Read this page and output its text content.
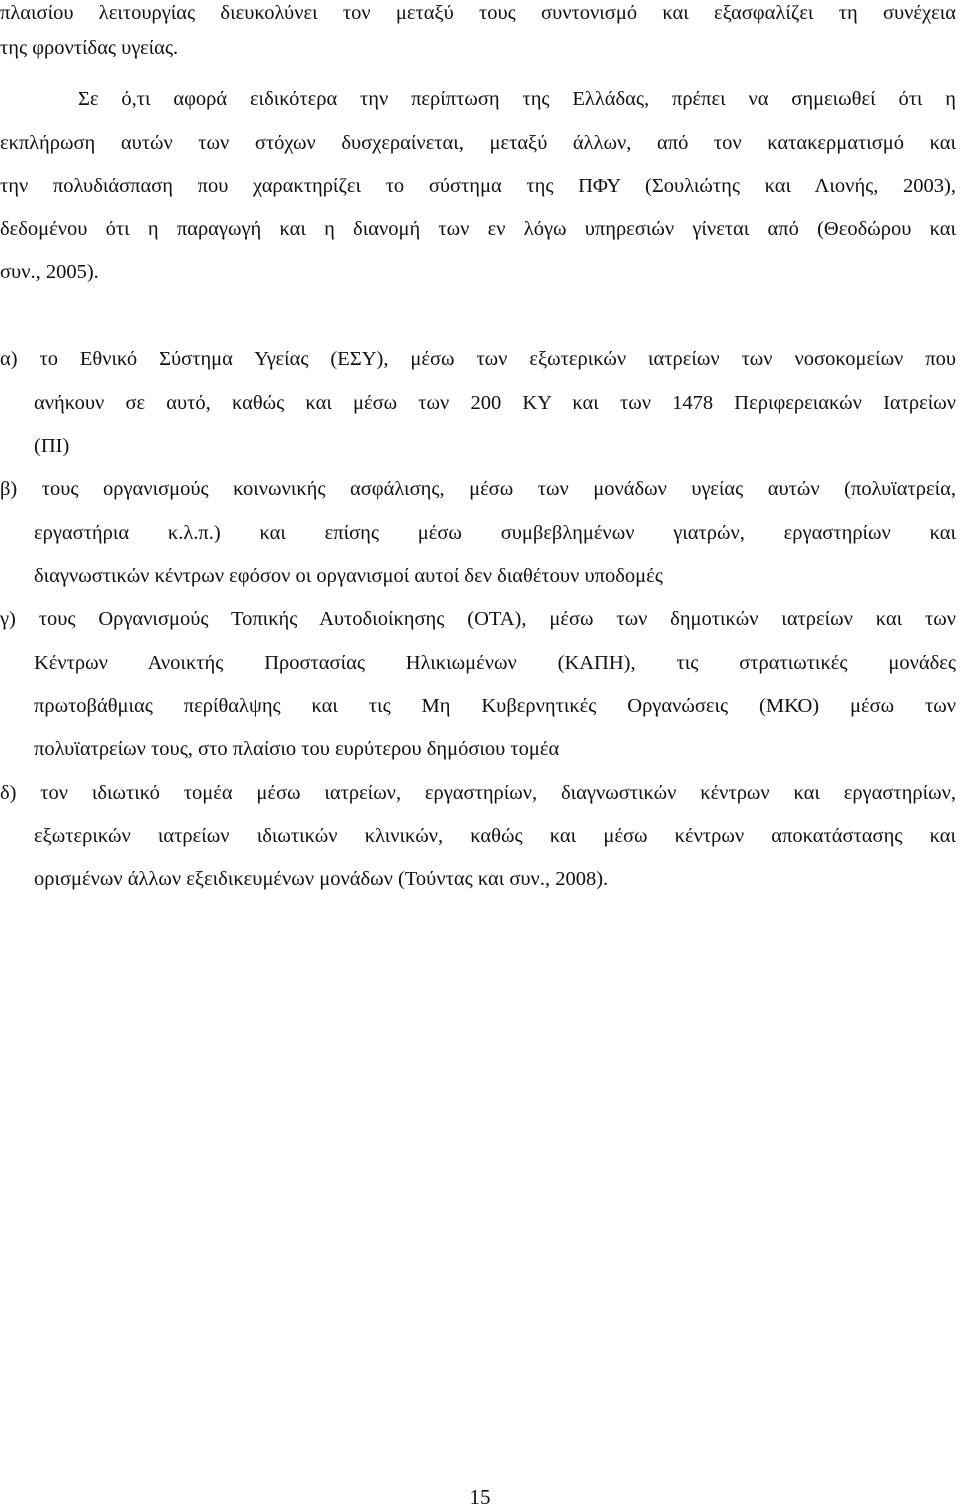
πλαισίου λειτουργίας διευκολύνει τον μεταξύ τους συντονισμό και εξασφαλίζει τη συνέχεια
της φροντίδας υγείας.
Σε ό,τι αφορά ειδικότερα την περίπτωση της Ελλάδας, πρέπει να σημειωθεί ότι η
εκπλήρωση αυτών των στόχων δυσχεραίνεται, μεταξύ άλλων, από τον κατακερματισμό και
την πολυδιάσπαση που χαρακτηρίζει το σύστημα της ΠΦΥ (Σουλιώτης και Λιονής, 2003),
δεδομένου ότι η παραγωγή και η διανομή των εν λόγω υπηρεσιών γίνεται από (Θεοδώρου και
συν., 2005).
α) το Εθνικό Σύστημα Υγείας (ΕΣΥ), μέσω των εξωτερικών ιατρείων των νοσοκομείων που
ανήκουν σε αυτό, καθώς και μέσω των 200 ΚΥ και των 1478 Περιφερειακών Ιατρείων
(ΠΙ)
β) τους οργανισμούς κοινωνικής ασφάλισης, μέσω των μονάδων υγείας αυτών (πολυϊατρεία,
εργαστήρια κ.λ.π.) και επίσης μέσω συμβεβλημένων γιατρών, εργαστηρίων και
διαγνωστικών κέντρων εφόσον οι οργανισμοί αυτοί δεν διαθέτουν υποδομές
γ) τους Οργανισμούς Τοπικής Αυτοδιοίκησης (ΟΤΑ), μέσω των δημοτικών ιατρείων και των
Κέντρων Ανοικτής Προστασίας Ηλικιωμένων (ΚΑΠΗ), τις στρατιωτικές μονάδες
πρωτοβάθμιας περίθαλψης και τις Μη Κυβερνητικές Οργανώσεις (ΜΚΟ) μέσω των
πολυϊατρείων τους, στο πλαίσιο του ευρύτερου δημόσιου τομέα
δ) τον ιδιωτικό τομέα μέσω ιατρείων, εργαστηρίων, διαγνωστικών κέντρων και εργαστηρίων,
εξωτερικών ιατρείων ιδιωτικών κλινικών, καθώς και μέσω κέντρων αποκατάστασης και
ορισμένων άλλων εξειδικευμένων μονάδων (Τούντας και συν., 2008).
15
